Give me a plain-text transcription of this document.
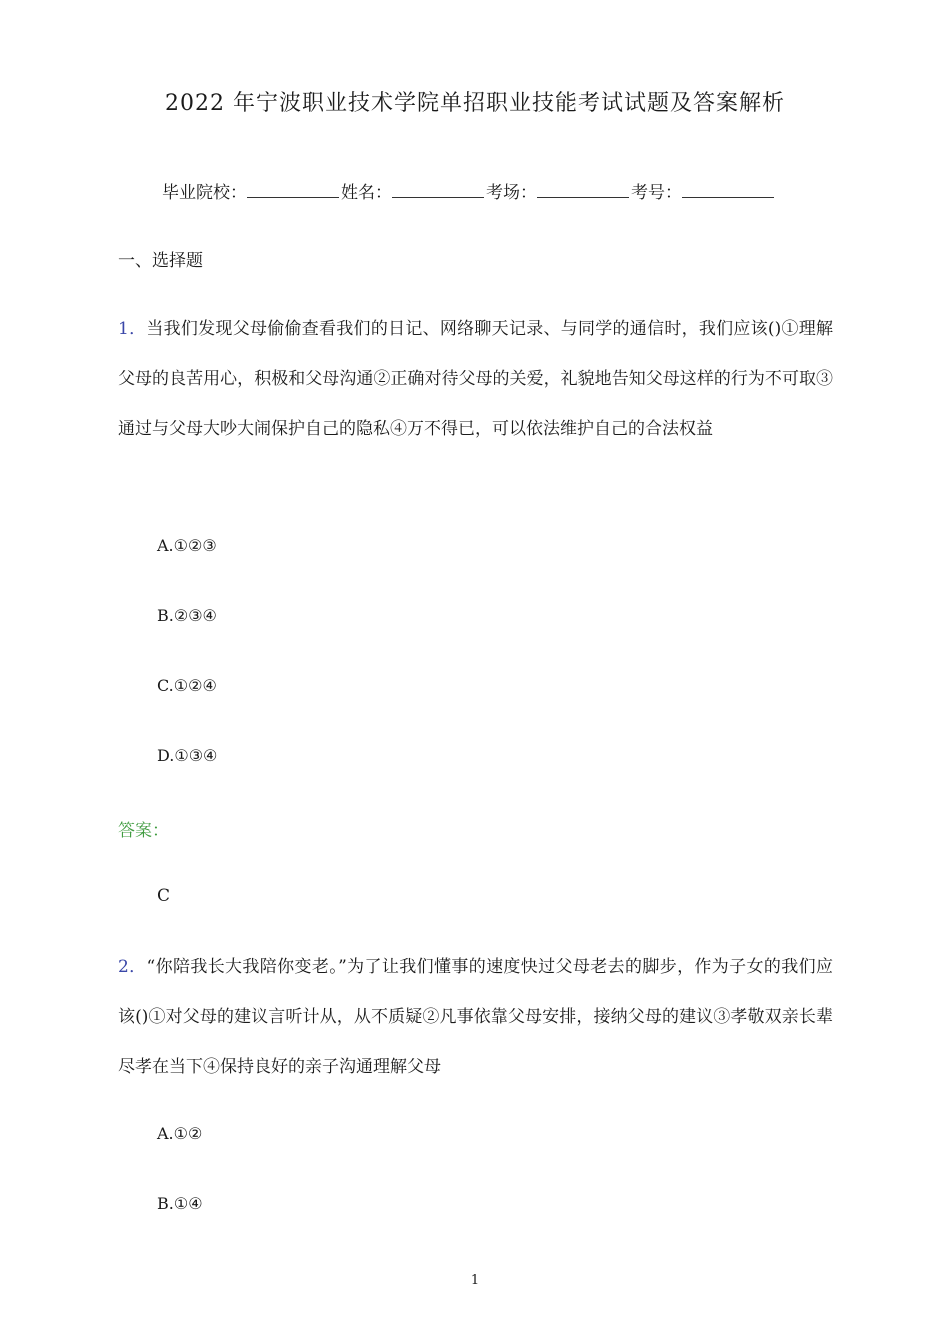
2022 年宁波职业技术学院单招职业技能考试试题及答案解析
毕业院校：	姓名：	考场：	考号：
一、选择题
1．当我们发现父母偷偷查看我们的日记、网络聊天记录、与同学的通信时，我们应该()①理解父母的良苦用心，积极和父母沟通②正确对待父母的关爱，礼貌地告知父母这样的行为不可取③通过与父母大吵大闹保护自己的隐私④万不得已，可以依法维护自己的合法权益
A.①②③
B.②③④
C.①②④
D.①③④
答案：
C
2．“你陪我长大我陪你变老。”为了让我们懂事的速度快过父母老去的脚步，作为子女的我们应该()①对父母的建议言听计从，从不质疑②凡事依靠父母安排，接纳父母的建议③孝敬双亲长辈尽孝在当下④保持良好的亲子沟通理解父母
A.①②
B.①④
1
